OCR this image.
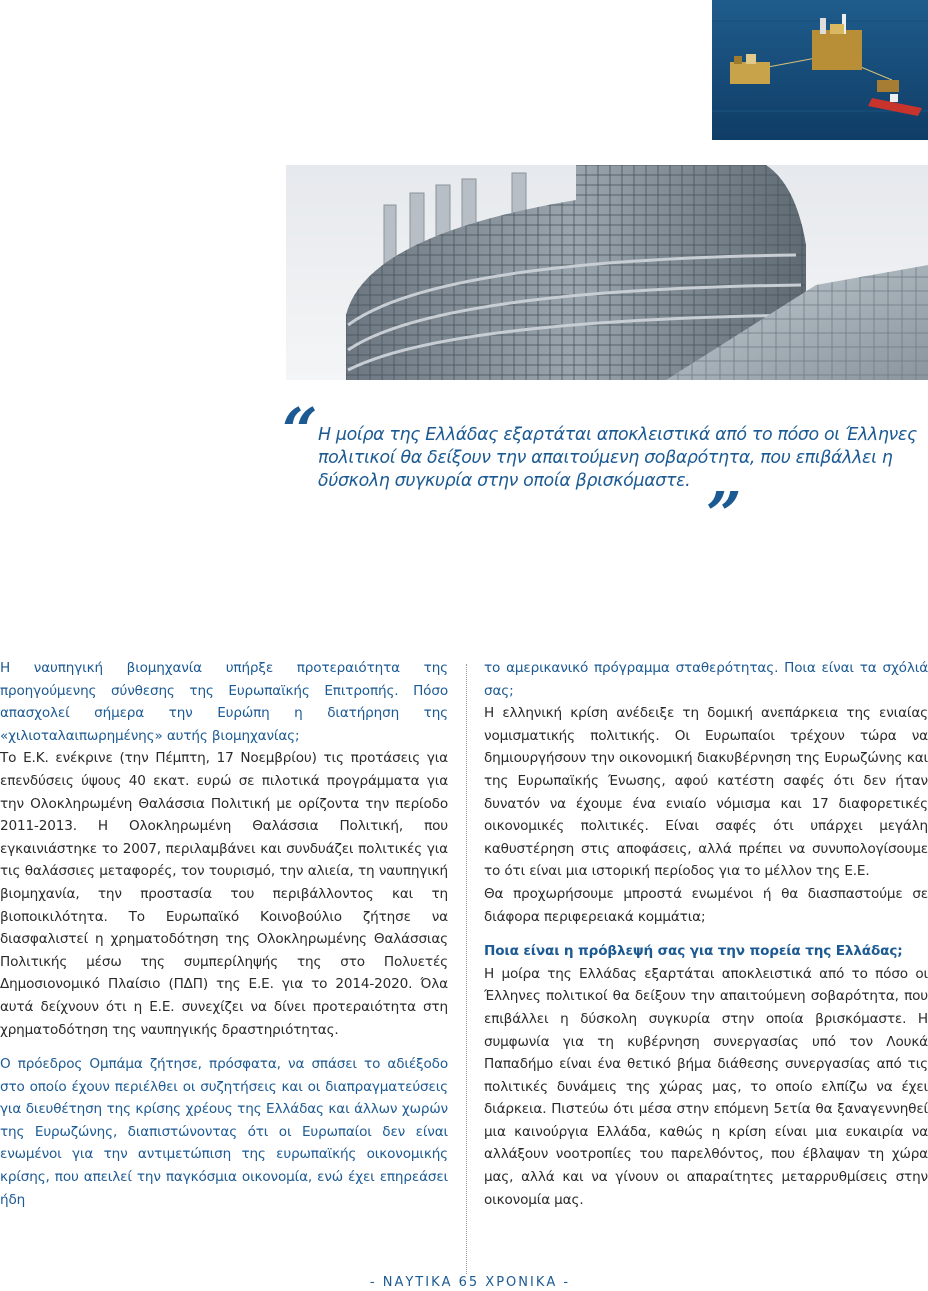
“ Η μοίρα της Ελλάδας εξαρτάται αποκλειστικά από το πόσο οι Έλληνες πολιτικοί θα δείξουν την απαιτούμενη σοβαρότητα, που επιβάλλει η δύσκολη συγκυρία στην οποία βρισκόμαστε. ”

Η ναυπηγική βιομηχανία υπήρξε προτεραιότητα της προηγούμενης σύνθεσης της Ευρωπαϊκής Επιτροπής. Πόσο απασχολεί σήμερα την Ευρώπη η διατήρηση της «χιλιοταλαιπωρημένης» αυτής βιομηχανίας;

Το Ε.Κ. ενέκρινε (την Πέμπτη, 17 Νοεμβρίου) τις προτάσεις για επενδύσεις ύψους 40 εκατ. ευρώ σε πιλοτικά προγράμματα για την Ολοκληρωμένη Θαλάσσια Πολιτική με ορίζοντα την περίοδο 2011-2013. Η Ολοκληρωμένη Θαλάσσια Πολιτική, που εγκαινιάστηκε το 2007, περιλαμβάνει και συνδυάζει πολιτικές για τις θαλάσσιες μεταφορές, τον τουρισμό, την αλιεία, τη ναυπηγική βιομηχανία, την προστασία του περιβάλλοντος και τη βιοποικιλότητα. Το Ευρωπαϊκό Κοινοβούλιο ζήτησε να διασφαλιστεί η χρηματοδότηση της Ολοκληρωμένης Θαλάσσιας Πολιτικής μέσω της συμπερίληψής της στο Πολυετές Δημοσιονομικό Πλαίσιο (ΠΔΠ) της Ε.Ε. για το 2014-2020. Όλα αυτά δείχνουν ότι η Ε.Ε. συνεχίζει να δίνει προτεραιότητα στη χρηματοδότηση της ναυπηγικής δραστηριότητας.

Ο πρόεδρος Ομπάμα ζήτησε, πρόσφατα, να σπάσει το αδιέξοδο στο οποίο έχουν περιέλθει οι συζητήσεις και οι διαπραγματεύσεις για διευθέτηση της κρίσης χρέους της Ελλάδας και άλλων χωρών της Ευρωζώνης, διαπιστώνοντας ότι οι Ευρωπαίοι δεν είναι ενωμένοι για την αντιμετώπιση της ευρωπαϊκής οικονομικής κρίσης, που απειλεί την παγκόσμια οικονομία, ενώ έχει επηρεάσει ήδη

το αμερικανικό πρόγραμμα σταθερότητας. Ποια είναι τα σχόλιά σας;

Η ελληνική κρίση ανέδειξε τη δομική ανεπάρκεια της ενιαίας νομισματικής πολιτικής. Οι Ευρωπαίοι τρέχουν τώρα να δημιουργήσουν την οικονομική διακυβέρνηση της Ευρωζώνης και της Ευρωπαϊκής Ένωσης, αφού κατέστη σαφές ότι δεν ήταν δυνατόν να έχουμε ένα ενιαίο νόμισμα και 17 διαφορετικές οικονομικές πολιτικές. Είναι σαφές ότι υπάρχει μεγάλη καθυστέρηση στις αποφάσεις, αλλά πρέπει να συνυπολογίσουμε το ότι είναι μια ιστορική περίοδος για το μέλλον της Ε.Ε.

Θα προχωρήσουμε μπροστά ενωμένοι ή θα διασπαστούμε σε διάφορα περιφερειακά κομμάτια;

Ποια είναι η πρόβλεψή σας για την πορεία της Ελλάδας;

Η μοίρα της Ελλάδας εξαρτάται αποκλειστικά από το πόσο οι Έλληνες πολιτικοί θα δείξουν την απαιτούμενη σοβαρότητα, που επιβάλλει η δύσκολη συγκυρία στην οποία βρισκόμαστε. Η συμφωνία για τη κυβέρνηση συνεργασίας υπό τον Λουκά Παπαδήμο είναι ένα θετικό βήμα διάθεσης συνεργασίας από τις πολιτικές δυνάμεις της χώρας μας, το οποίο ελπίζω να έχει διάρκεια. Πιστεύω ότι μέσα στην επόμενη 5ετία θα ξαναγεννηθεί μια καινούργια Ελλάδα, καθώς η κρίση είναι μια ευκαιρία να αλλάξουν νοοτροπίες του παρελθόντος, που έβλαψαν τη χώρα μας, αλλά και να γίνουν οι απαραίτητες μεταρρυθμίσεις στην οικονομία μας.

- ΝΑΥΤΙΚΑ 65 ΧΡΟΝΙΚΑ -
